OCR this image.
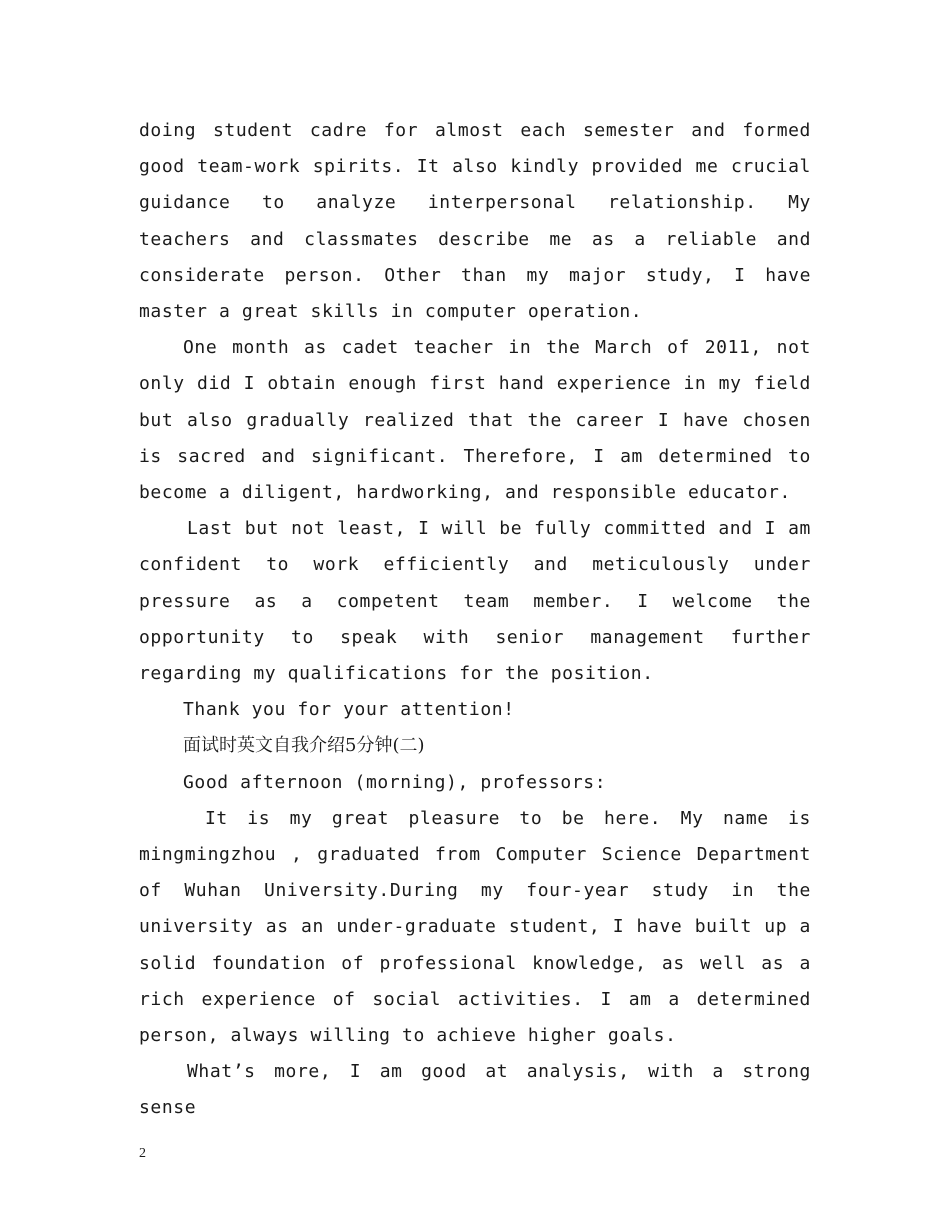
doing student cadre for almost each semester and formed good team-work spirits. It also kindly provided me crucial guidance to analyze interpersonal relationship. My teachers and classmates describe me as a reliable and considerate person. Other than my major study, I have master a great skills in computer operation.

One month as cadet teacher in the March of 2011, not only did I obtain enough first hand experience in my field but also gradually realized that the career I have chosen is sacred and significant. Therefore, I am determined to become a diligent, hardworking, and responsible educator.

Last but not least, I will be fully committed and I am confident to work efficiently and meticulously under pressure as a competent team member. I welcome the opportunity to speak with senior management further regarding my qualifications for the position.

Thank you for your attention!

面试时英文自我介绍5分钟(二)

Good afternoon (morning), professors:

It is my great pleasure to be here. My name is mingmingzhou , graduated from Computer Science Department of Wuhan University.During my four-year study in the university as an under-graduate student, I have built up a solid foundation of professional knowledge, as well as a rich experience of social activities. I am a determined person, always willing to achieve higher goals.

What’s more, I am good at analysis, with a strong sense

2
